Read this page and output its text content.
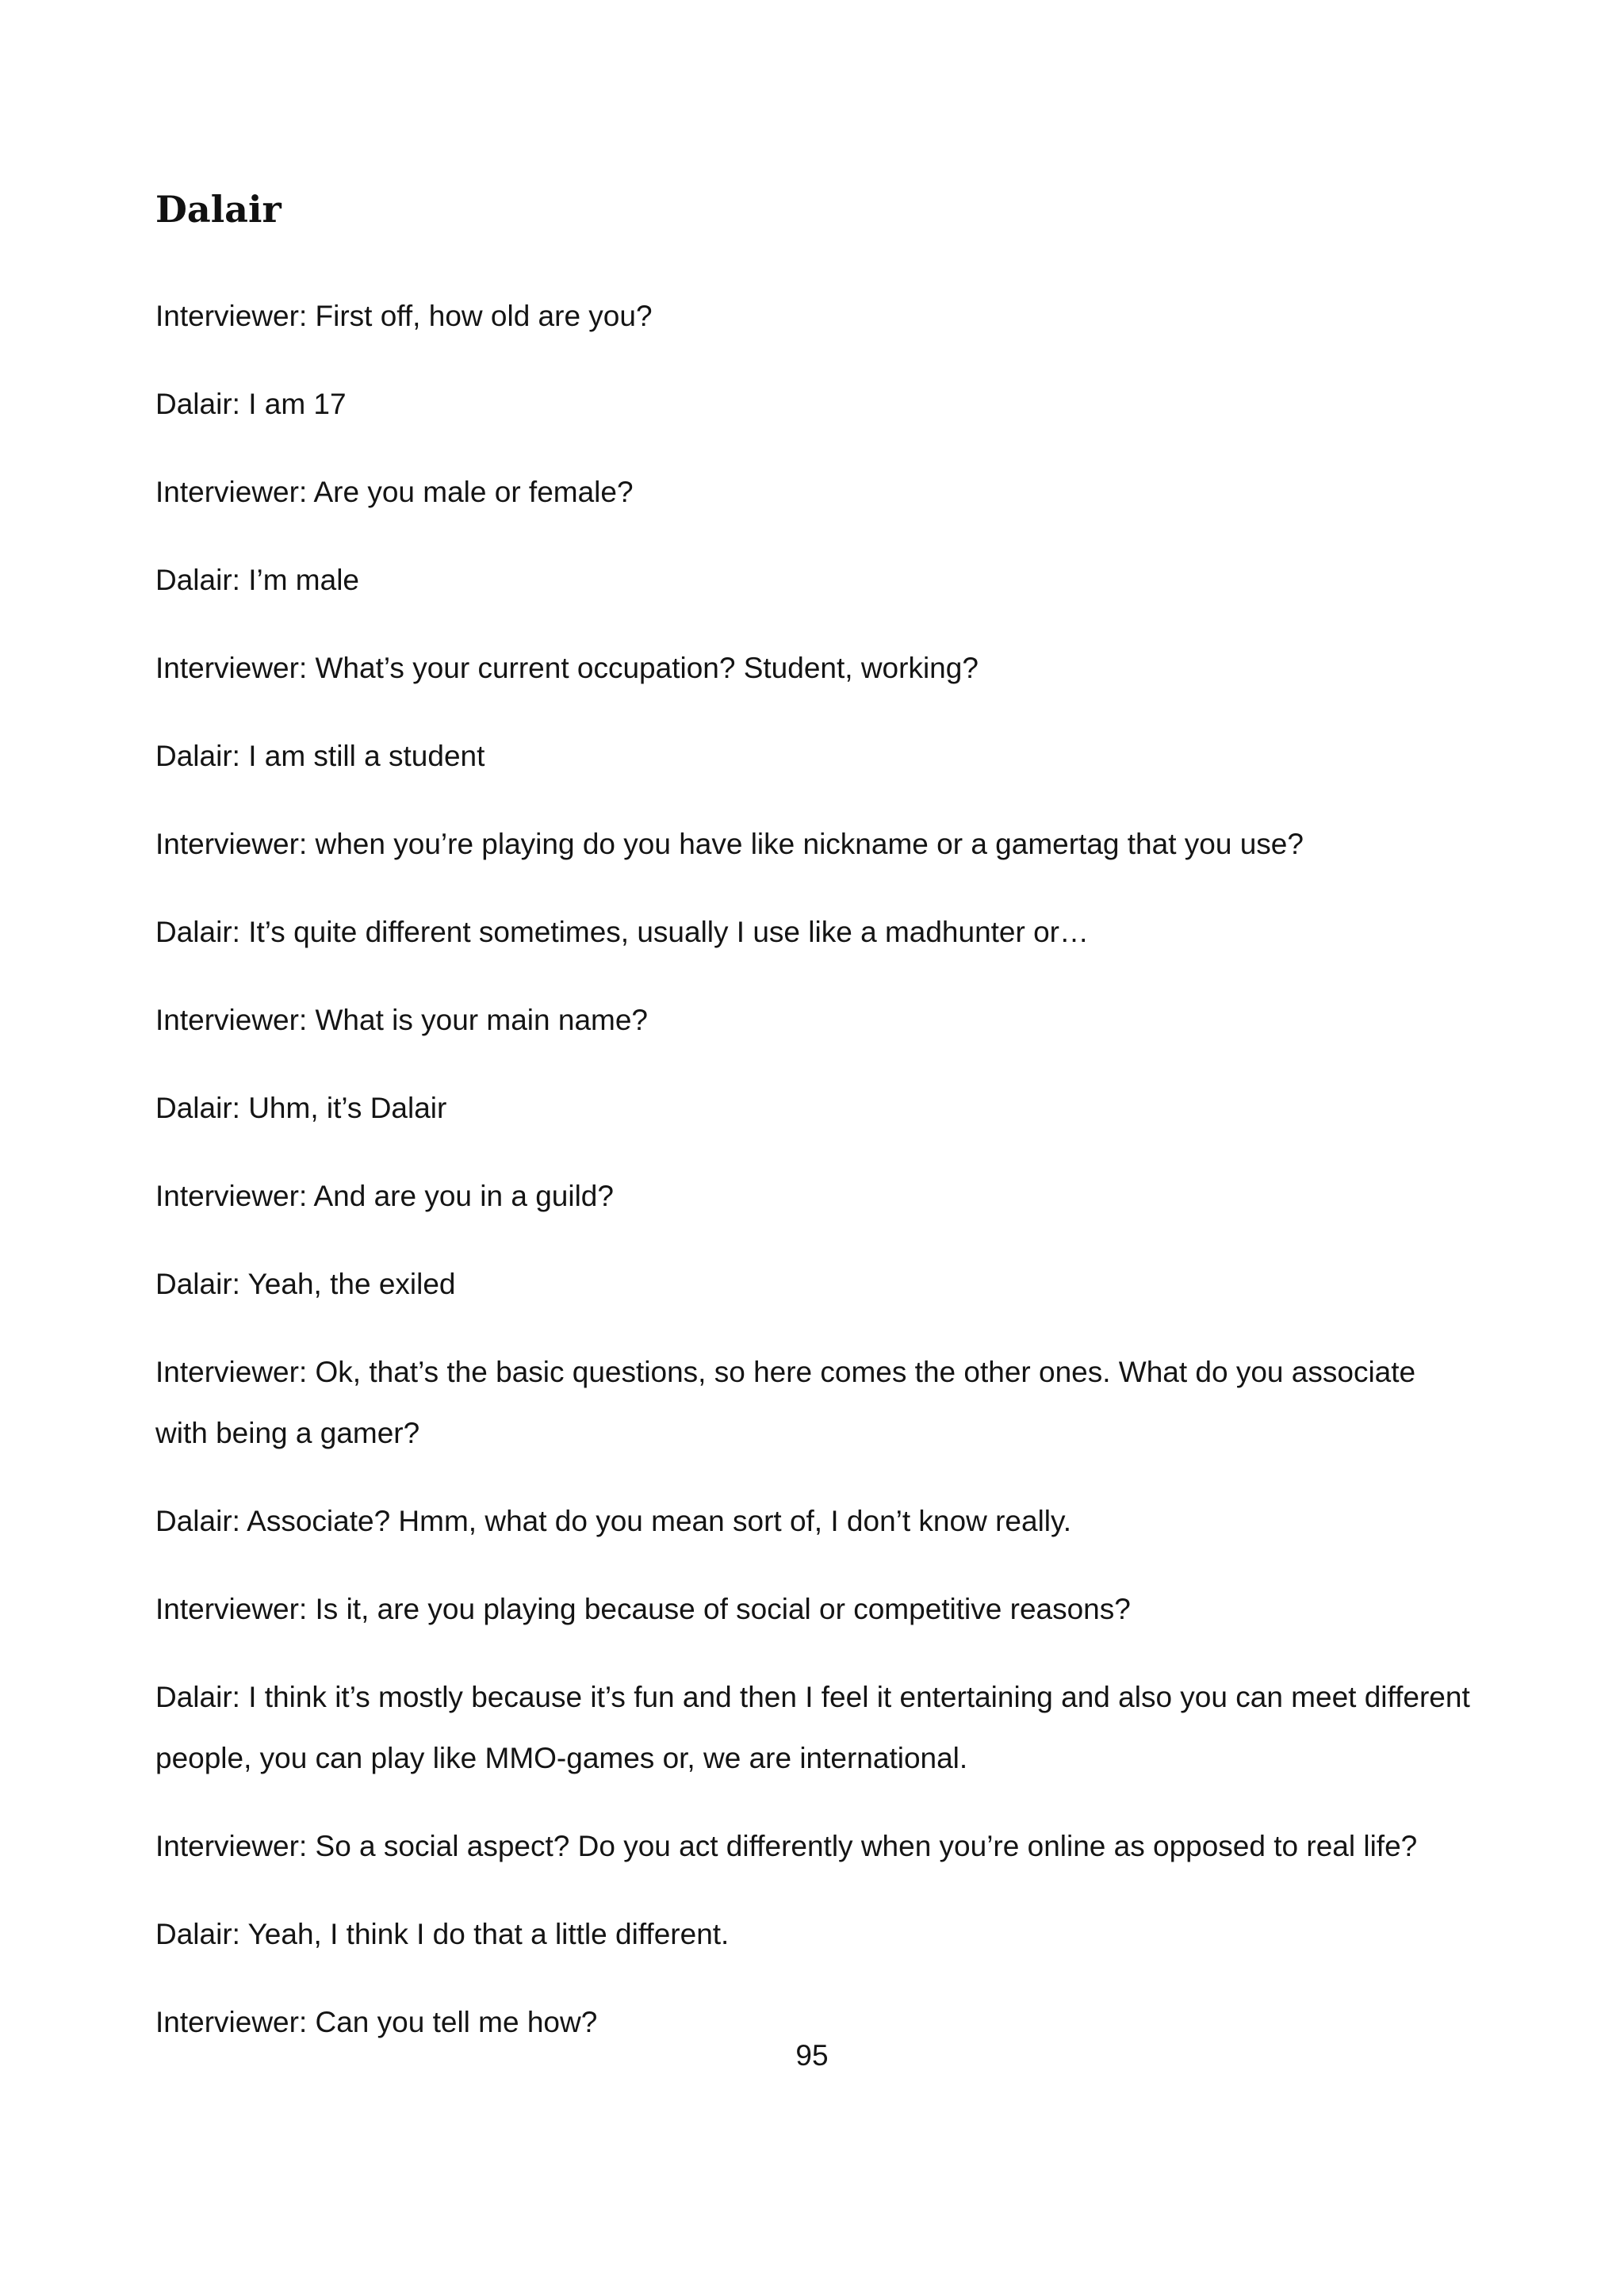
Dalair

Interviewer: First off, how old are you?

Dalair: I am 17

Interviewer: Are you male or female?

Dalair: I’m male

Interviewer: What’s your current occupation? Student, working?

Dalair: I am still a student

Interviewer: when you’re playing do you have like nickname or a gamertag that you use?

Dalair: It’s quite different sometimes, usually I use like a madhunter or…

Interviewer: What is your main name?

Dalair: Uhm, it’s Dalair

Interviewer: And are you in a guild?

Dalair: Yeah, the exiled

Interviewer: Ok, that’s the basic questions, so here comes the other ones. What do you associate with being a gamer?

Dalair: Associate? Hmm, what do you mean sort of, I don’t know really.

Interviewer: Is it, are you playing because of social or competitive reasons?

Dalair: I think it’s mostly because it’s fun and then I feel it entertaining and also you can meet different people, you can play like MMO-games or, we are international.

Interviewer: So a social aspect? Do you act differently when you’re online as opposed to real life?

Dalair: Yeah, I think I do that a little different.

Interviewer: Can you tell me how?

95
